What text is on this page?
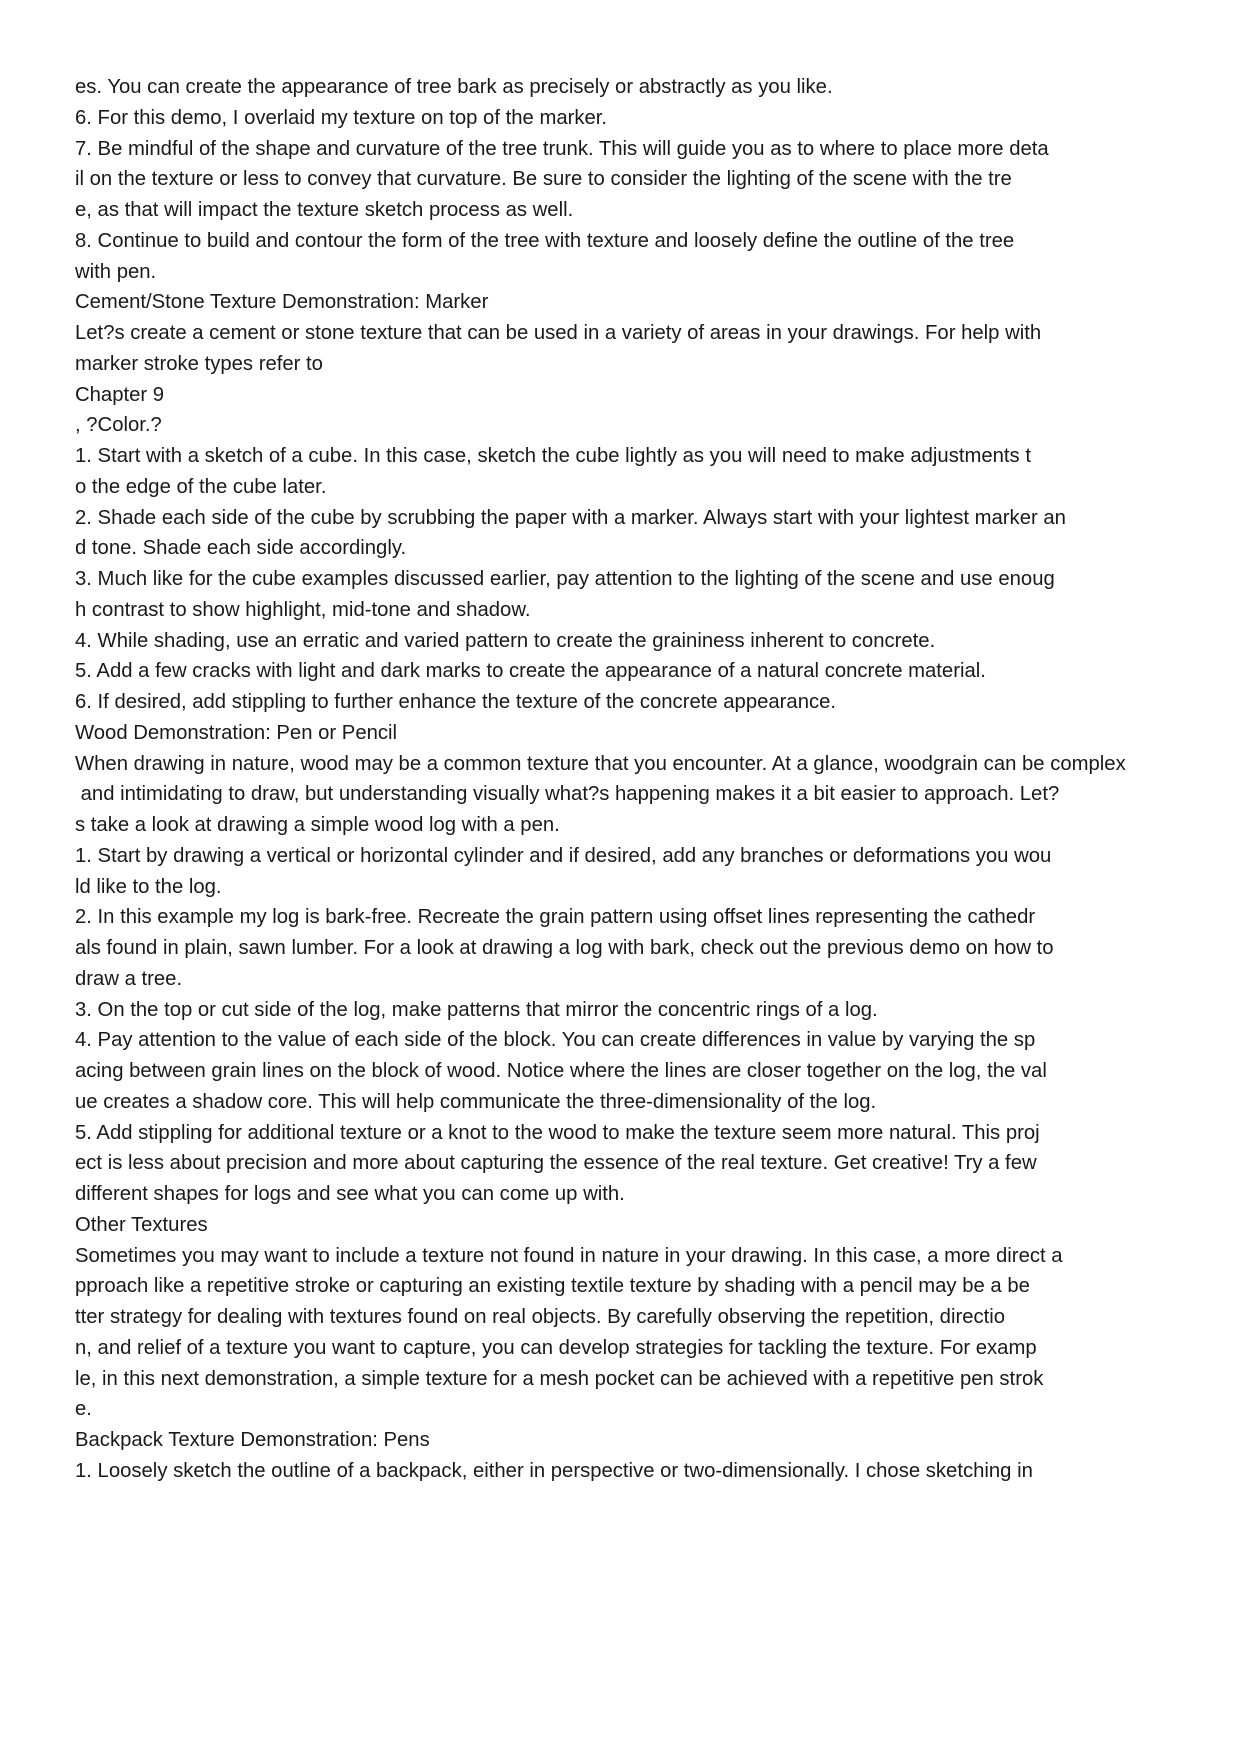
es. You can create the appearance of tree bark as precisely or abstractly as you like.
6. For this demo, I overlaid my texture on top of the marker.
7. Be mindful of the shape and curvature of the tree trunk. This will guide you as to where to place more deta
il on the texture or less to convey that curvature. Be sure to consider the lighting of the scene with the tre
e, as that will impact the texture sketch process as well.
8. Continue to build and contour the form of the tree with texture and loosely define the outline of the tree
with pen.
Cement/Stone Texture Demonstration: Marker
Let?s create a cement or stone texture that can be used in a variety of areas in your drawings. For help with
marker stroke types refer to
Chapter 9
, ?Color.?
1. Start with a sketch of a cube. In this case, sketch the cube lightly as you will need to make adjustments t
o the edge of the cube later.
2. Shade each side of the cube by scrubbing the paper with a marker. Always start with your lightest marker an
d tone. Shade each side accordingly.
3. Much like for the cube examples discussed earlier, pay attention to the lighting of the scene and use enoug
h contrast to show highlight, mid-tone and shadow.
4. While shading, use an erratic and varied pattern to create the graininess inherent to concrete.
5. Add a few cracks with light and dark marks to create the appearance of a natural concrete material.
6. If desired, add stippling to further enhance the texture of the concrete appearance.
Wood Demonstration: Pen or Pencil
When drawing in nature, wood may be a common texture that you encounter. At a glance, woodgrain can be complex
and intimidating to draw, but understanding visually what?s happening makes it a bit easier to approach. Let?
s take a look at drawing a simple wood log with a pen.
1. Start by drawing a vertical or horizontal cylinder and if desired, add any branches or deformations you wou
ld like to the log.
2. In this example my log is bark-free. Recreate the grain pattern using offset lines representing the cathedr
als found in plain, sawn lumber. For a look at drawing a log with bark, check out the previous demo on how to
draw a tree.
3. On the top or cut side of the log, make patterns that mirror the concentric rings of a log.
4. Pay attention to the value of each side of the block. You can create differences in value by varying the sp
acing between grain lines on the block of wood. Notice where the lines are closer together on the log, the val
ue creates a shadow core. This will help communicate the three-dimensionality of the log.
5. Add stippling for additional texture or a knot to the wood to make the texture seem more natural. This proj
ect is less about precision and more about capturing the essence of the real texture. Get creative! Try a few
different shapes for logs and see what you can come up with.
Other Textures
Sometimes you may want to include a texture not found in nature in your drawing. In this case, a more direct a
pproach like a repetitive stroke or capturing an existing textile texture by shading with a pencil may be a be
tter strategy for dealing with textures found on real objects. By carefully observing the repetition, directio
n, and relief of a texture you want to capture, you can develop strategies for tackling the texture. For examp
le, in this next demonstration, a simple texture for a mesh pocket can be achieved with a repetitive pen strok
e.
Backpack Texture Demonstration: Pens
1. Loosely sketch the outline of a backpack, either in perspective or two-dimensionally. I chose sketching in
